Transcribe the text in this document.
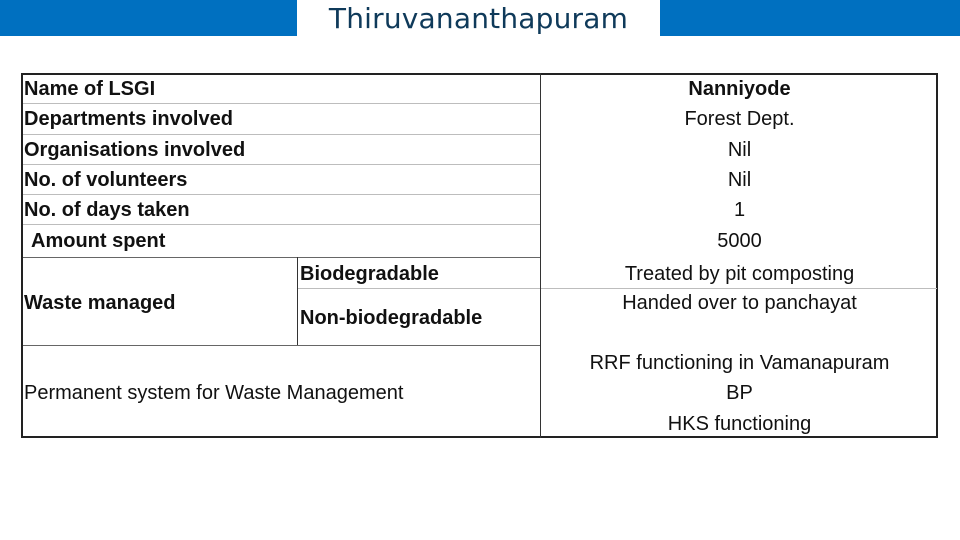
Thiruvananthapuram
Name of LSGI
Departments involved
Organisations involved
No. of volunteers
No. of days taken
Amount spent
Waste managed
Biodegradable
Non-biodegradable
Permanent system for Waste Management
Nanniyode
Forest Dept.
Nil
Nil
1
5000
Treated by pit composting
Handed over to panchayat
RRF functioning in Vamanapuram
BP
HKS functioning
